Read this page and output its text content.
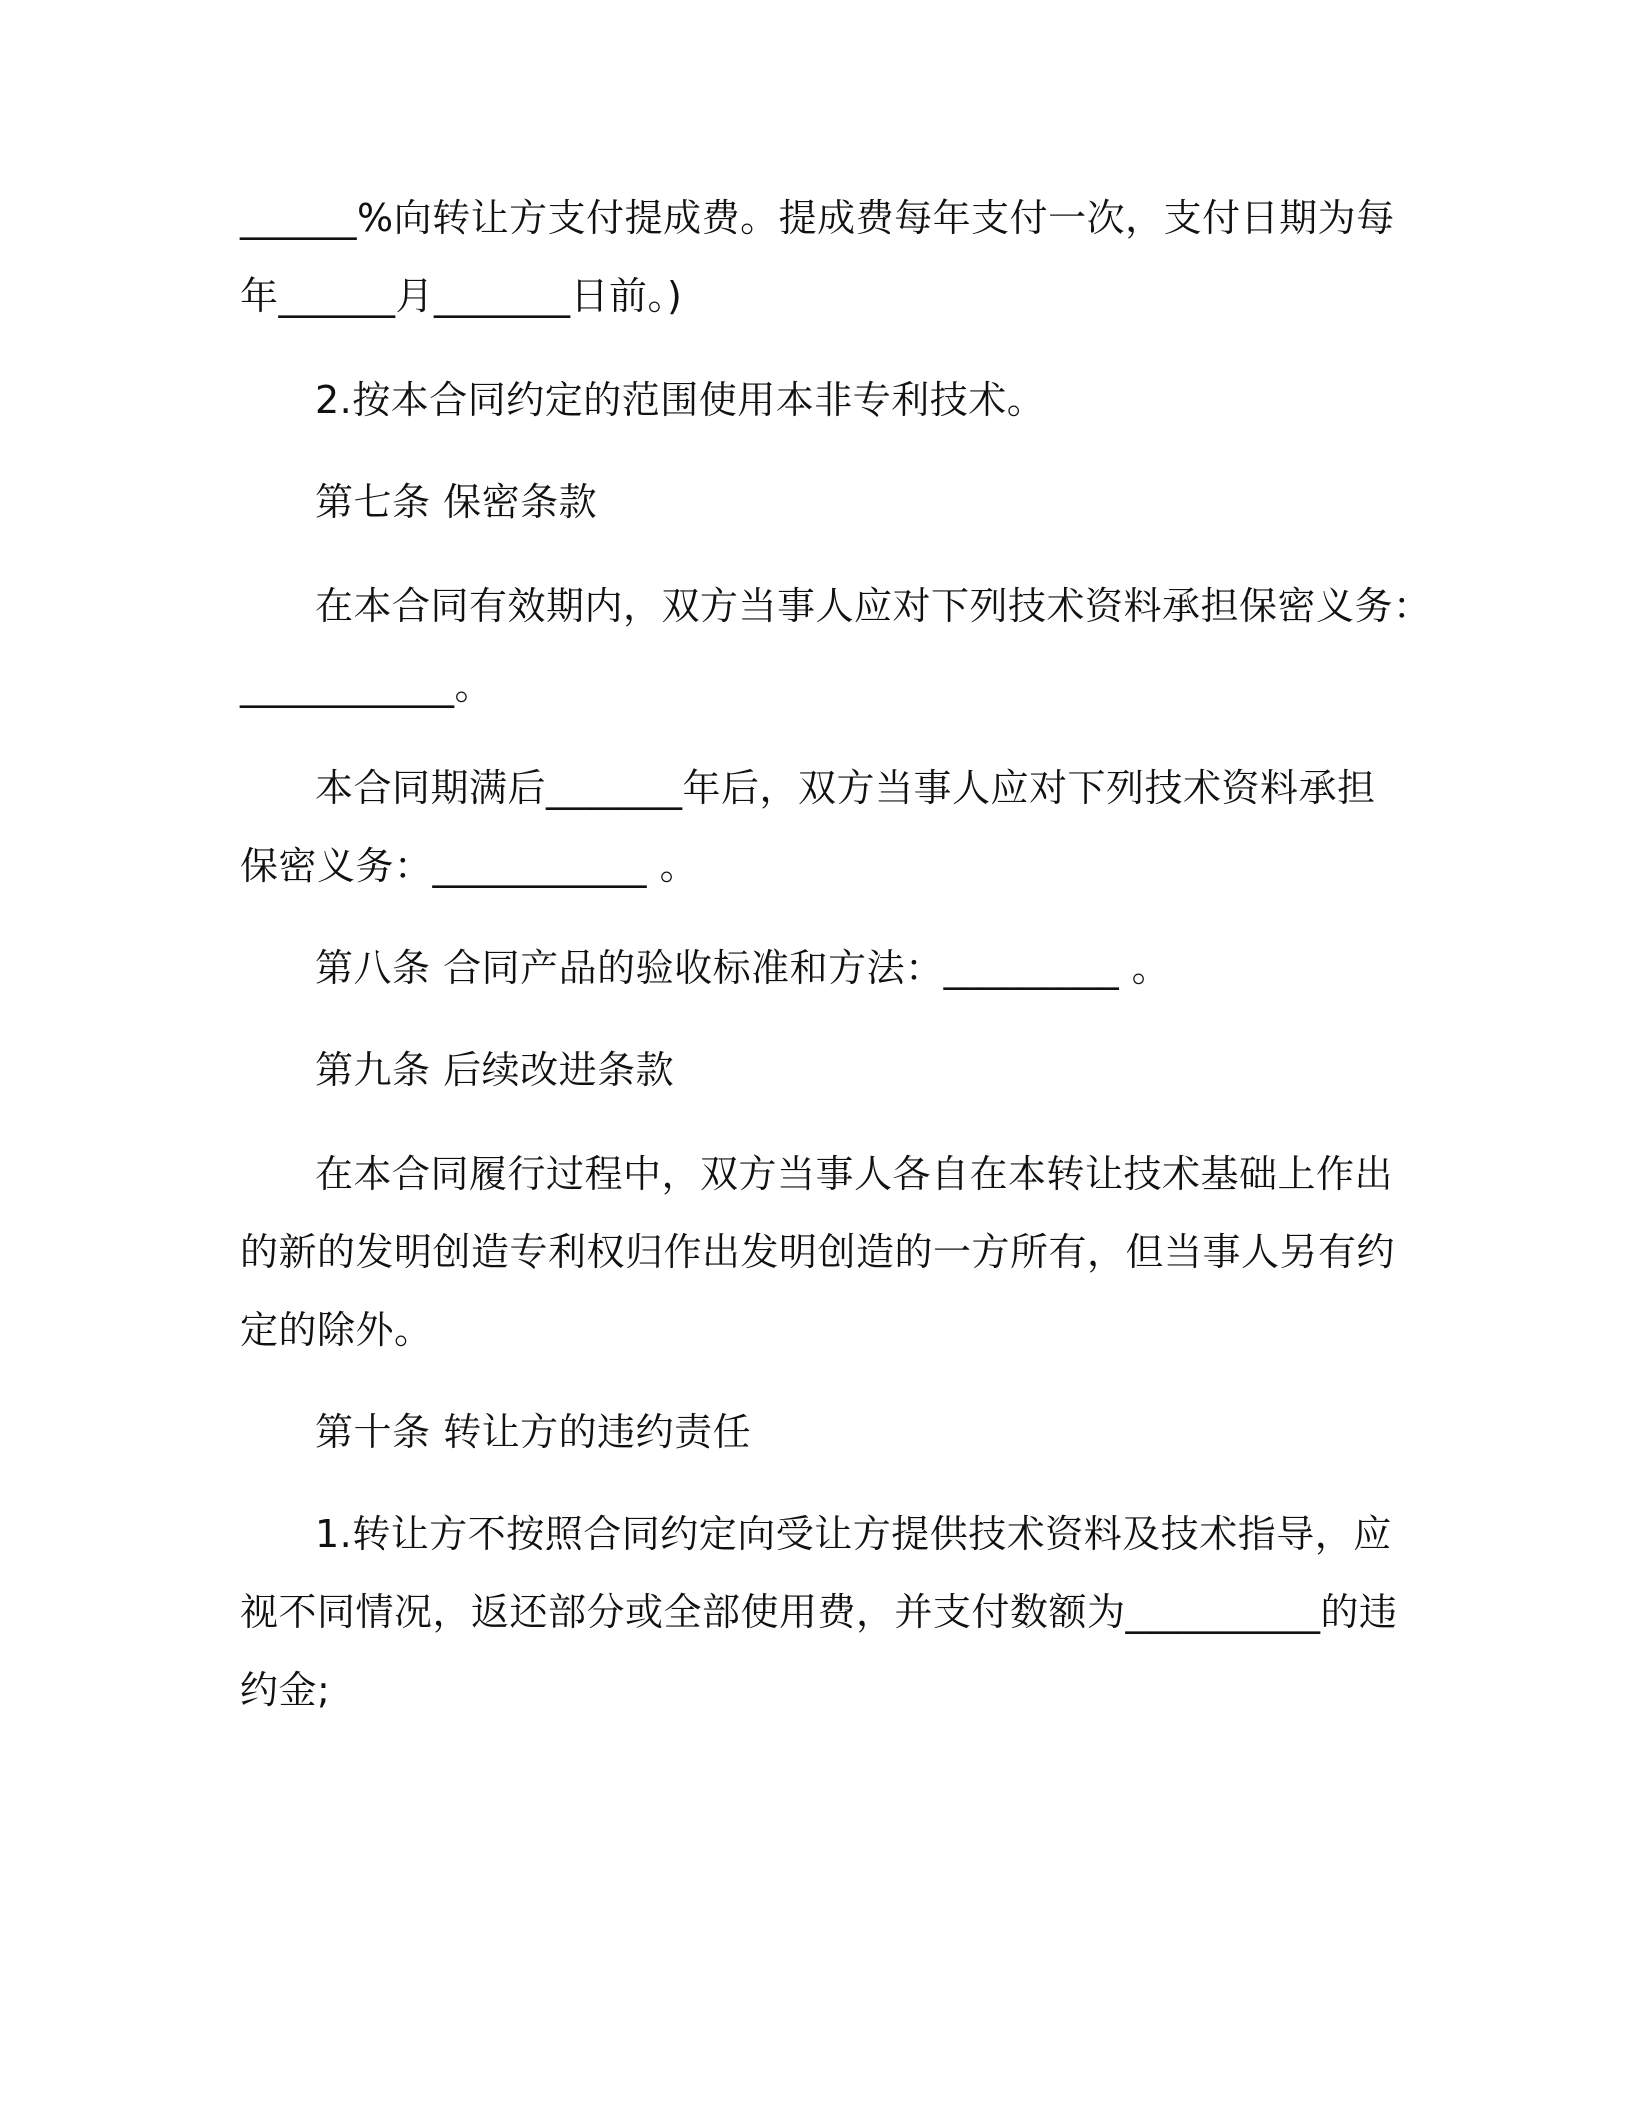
______%向转让方支付提成费。提成费每年支付一次，支付日期为每
年______月_______日前。)
2.按本合同约定的范围使用本非专利技术。
第七条 保密条款
在本合同有效期内，双方当事人应对下列技术资料承担保密义务：
___________。
本合同期满后_______年后，双方当事人应对下列技术资料承担
保密义务：___________ 。
第八条 合同产品的验收标准和方法：_________ 。
第九条 后续改进条款
在本合同履行过程中，双方当事人各自在本转让技术基础上作出
的新的发明创造专利权归作出发明创造的一方所有，但当事人另有约
定的除外。
第十条 转让方的违约责任
1.转让方不按照合同约定向受让方提供技术资料及技术指导，应
视不同情况，返还部分或全部使用费，并支付数额为__________的违
约金;
